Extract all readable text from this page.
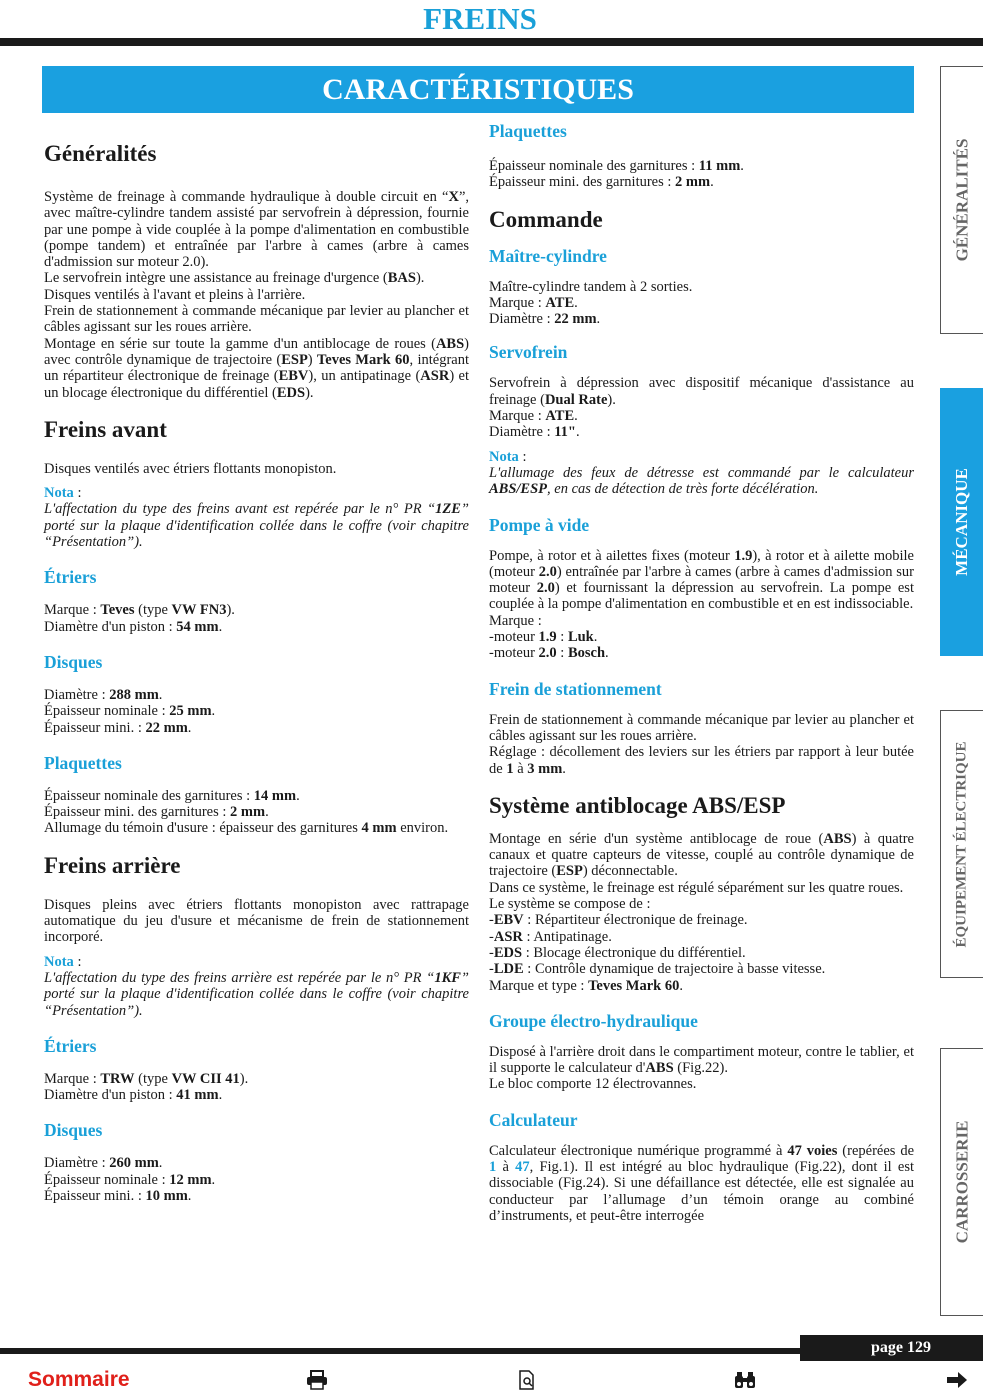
FREINS
CARACTÉRISTIQUES
Généralités

Système de freinage à commande hydraulique à double circuit en “X”, avec maître-cylindre tandem assisté par servofrein à dépression, fournie par une pompe à vide couplée à la pompe d'alimentation en combustible (pompe tandem) et entraînée par l'arbre à cames (arbre à cames d'admission sur moteur 2.0).

Le servofrein intègre une assistance au freinage d'urgence (BAS).

Disques ventilés à l'avant et pleins à l'arrière.

Frein de stationnement à commande mécanique par levier au plancher et câbles agissant sur les roues arrière.

Montage en série sur toute la gamme d'un antiblocage de roues (ABS) avec contrôle dynamique de trajectoire (ESP) Teves Mark 60, intégrant un répartiteur électronique de freinage (EBV), un antipatinage (ASR) et un blocage électronique du différentiel (EDS).

Freins avant

Disques ventilés avec étriers flottants monopiston.

Nota :

L'affectation du type des freins avant est repérée par le n° PR “1ZE” porté sur la plaque d'identification collée dans le coffre (voir chapitre “Présentation”).

Étriers

Marque : Teves (type VW FN3).

Diamètre d'un piston : 54 mm.

Disques

Diamètre : 288 mm.

Épaisseur nominale : 25 mm.

Épaisseur mini. : 22 mm.

Plaquettes

Épaisseur nominale des garnitures : 14 mm.

Épaisseur mini. des garnitures : 2 mm.

Allumage du témoin d'usure : épaisseur des garnitures 4 mm environ.

Freins arrière

Disques pleins avec étriers flottants monopiston avec rattrapage automatique du jeu d'usure et mécanisme de frein de stationnement incorporé.

Nota :

L'affectation du type des freins arrière est repérée par le n° PR “1KF” porté sur la plaque d'identification collée dans le coffre (voir chapitre “Présentation”).

Étriers

Marque : TRW (type VW CII 41).

Diamètre d'un piston : 41 mm.

Disques

Diamètre : 260 mm.

Épaisseur nominale : 12 mm.

Épaisseur mini. : 10 mm.

Plaquettes

Épaisseur nominale des garnitures : 11 mm.

Épaisseur mini. des garnitures : 2 mm.

Commande
Maître-cylindre

Maître-cylindre tandem à 2 sorties.

Marque : ATE.

Diamètre : 22 mm.

Servofrein

Servofrein à dépression avec dispositif mécanique d'assistance au freinage (Dual Rate).

Marque : ATE.

Diamètre : 11".

Nota :

L'allumage des feux de détresse est commandé par le calculateur ABS/ESP, en cas de détection de très forte décélération.

Pompe à vide

Pompe, à rotor et à ailettes fixes (moteur 1.9), à rotor et à ailette mobile (moteur 2.0) entraînée par l'arbre à cames (arbre à cames d'admission sur moteur 2.0) et fournissant la dépression au servofrein. La pompe est couplée à la pompe d'alimentation en combustible et en est indissociable.

Marque :

-moteur 1.9 : Luk.

-moteur 2.0 : Bosch.

Frein de stationnement

Frein de stationnement à commande mécanique par levier au plancher et câbles agissant sur les roues arrière.

Réglage : décollement des leviers sur les étriers par rapport à leur butée de 1 à 3 mm.

Système antiblocage ABS/ESP

Montage en série d'un système antiblocage de roue (ABS) à quatre canaux et quatre capteurs de vitesse, couplé au contrôle dynamique de trajectoire (ESP) déconnectable.

Dans ce système, le freinage est régulé séparément sur les quatre roues.

Le système se compose de :

-EBV : Répartiteur électronique de freinage.

-ASR : Antipatinage.

-EDS : Blocage électronique du différentiel.

-LDE : Contrôle dynamique de trajectoire à basse vitesse.

Marque et type : Teves Mark 60.

Groupe électro-hydraulique

Disposé à l'arrière droit dans le compartiment moteur, contre le tablier, et il supporte le calculateur d'ABS (Fig.22).

Le bloc comporte 12 électrovannes.

Calculateur

Calculateur électronique numérique programmé à 47 voies (repérées de 1 à 47, Fig.1). Il est intégré au bloc hydraulique (Fig.22), dont il est dissociable (Fig.24). Si une défaillance est détectée, elle est signalée au conducteur par l’allumage d’un témoin orange au combiné d’instruments, et peut-être interrogée

GÉNÉRALITÉS
MÉCANIQUE
ÉQUIPEMENT ÉLECTRIQUE
CARROSSERIE
page 129
Sommaire
